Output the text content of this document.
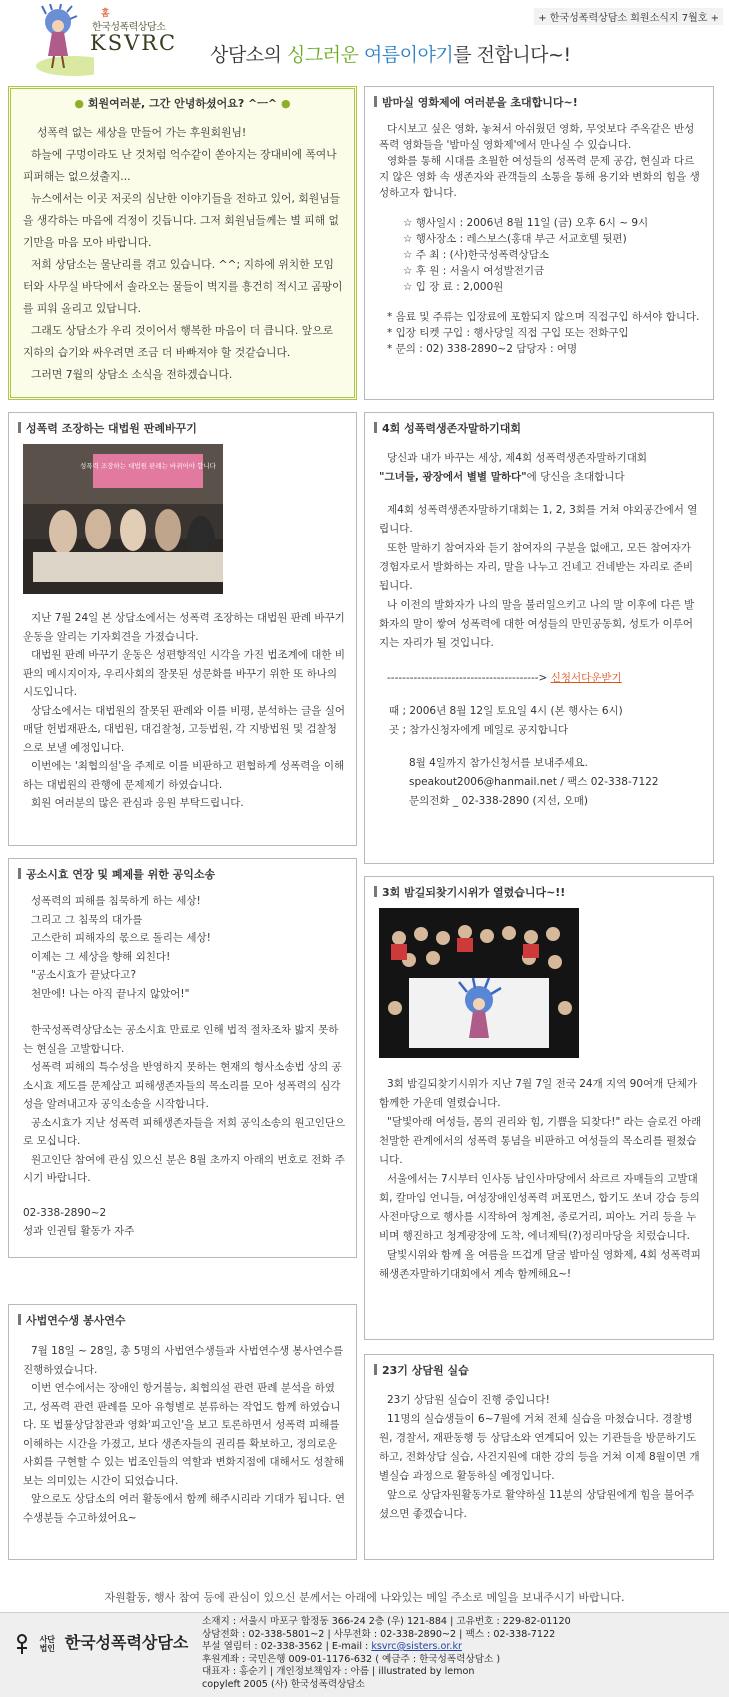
홈
한국성폭력상담소
KSVRC
+ 한국성폭력상담소 회원소식지 7월호 +
상담소의 싱그러운 여름이야기를 전합니다~!
● 회원여러분, 그간 안녕하셨어요? ^ㅡ^ ●

성폭력 없는 세상을 만들어 가는 후원회원님!

하늘에 구멍이라도 난 것처럼 억수같이 쏟아지는 장대비에 폭여나 피퍼해는 없으셨출지...

뉴스에서는 이곳 저곳의 심난한 이야기들을 전하고 있어, 회원님들을 생각하는 마음에 걱정이 깃듭니다. 그저 회원님들께는 별 피해 없기만을 마음 모아 바랍니다.

저희 상담소는 물난리를 겪고 있습니다. ^^; 지하에 위치한 모임터와 사무실 바닥에서 솔라오는 물들이 벽지를 흥건히 적시고 곰팡이를 피워 올리고 있답니다.

그래도 상담소가 우리 것이어서 행복한 마음이 더 큽니다. 앞으로 지하의 습기와 싸우려면 조금 더 바빠져야 할 것같습니다.

그러면 7월의 상담소 소식을 전하겠습니다.

밤마실 영화제에 여러분을 초대합니다~!

다시보고 싶은 영화, 놓쳐서 아쉬웠던 영화, 무엇보다 주옥같은 반성폭력 영화들을 '밤마실 영화제'에서 만나실 수 있습니다.

영화를 통해 시대를 초월한 여성들의 성폭력 문제 공감, 현실과 다르지 않은 영화 속 생존자와 관객들의 소통을 통해 용기와 변화의 힘을 생성하고자 합니다.

☆ 행사일시 : 2006년 8월 11일 (금) 오후 6시 ~ 9시

☆ 행사장소 : 레스보스(홍대 부근 서교호텔 뒷편)

☆ 주 최 : (사)한국성폭력상담소

☆ 후 원 : 서울시 여성발전기금

☆ 입 장 료 : 2,000원

* 음료 및 주류는 입장료에 포함되지 않으며 직접구입 하셔야 합니다.

* 입장 티켓 구입 : 행사당일 직접 구입 또는 전화구입

* 문의 : 02) 338-2890~2 담당자 : 여명

성폭력 조장하는 대법원 판례바꾸기
성폭력 조장하는 대법원 판례는 바뀌어야 합니다

지난 7월 24일 본 상담소에서는 성폭력 조장하는 대법원 판례 바꾸기 운동을 알리는 기자회견을 가졌습니다.

대법원 판례 바꾸기 운동은 성편향적인 시각을 가진 법조계에 대한 비판의 메시지이자, 우리사회의 잘못된 성문화를 바꾸기 위한 또 하나의 시도입니다.

상담소에서는 대법원의 잘못된 판례와 이를 비평, 분석하는 글을 실어 매달 헌법재판소, 대법원, 대검찰청, 고등법원, 각 지방법원 및 검찰청으로 보낼 예정입니다.

이번에는 '최협의설'을 주제로 이를 비판하고 편협하게 성폭력을 이해하는 대법원의 관행에 문제제기 하였습니다.

회원 여러분의 많은 관심과 응원 부탁드립니다.

4회 성폭력생존자말하기대회

당신과 내가 바꾸는 세상, 제4회 성폭력생존자말하기대회

"그녀들, 광장에서 별별 말하다"에 당신을 초대합니다

제4회 성폭력생존자말하기대회는 1, 2, 3회를 거쳐 야외공간에서 열립니다.

또한 말하기 참여자와 듣기 참여자의 구분을 없애고, 모든 참여자가 경험자로서 발화하는 자리, 말을 나누고 건네고 건네받는 자리로 준비됩니다.

나 이전의 발화자가 나의 말을 불러일으키고 나의 말 이후에 다른 발화자의 말이 쌓여 성폭력에 대한 여성들의 만민공동회, 성토가 이루어지는 자리가 될 것입니다.

----------------------------------------> 신청서다운받기

때 ; 2006년 8월 12일 토요일 4시 (본 행사는 6시)

곳 ; 참가신청자에게 메일로 공지합니다

8월 4일까지 참가신청서를 보내주세요.

speakout2006@hanmail.net / 팩스 02-338-7122

문의전화 _ 02-338-2890 (지선, 오매)

공소시효 연장 및 폐제를 위한 공익소송

성폭력의 피해를 침묵하게 하는 세상!

그리고 그 침묵의 대가를

고스란히 피해자의 몫으로 돌리는 세상!

이제는 그 세상을 향해 외친다!

"공소시효가 끝났다고?

천만에! 나는 아직 끝나지 않았어!"

한국성폭력상담소는 공소시효 만료로 인해 법적 절차조차 밟지 못하는 현실을 고발합니다.

성폭력 피해의 특수성을 반영하지 못하는 현재의 형사소송법 상의 공소시효 제도를 문제삼고 피해생존자들의 목소리를 모아 성폭력의 심각성을 알려내고자 공익소송을 시작합니다.

공소시효가 지난 성폭력 피해생존자들을 저희 공익소송의 원고인단으로 모십니다.

원고인단 참여에 관심 있으신 분은 8월 초까지 아래의 번호로 전화 주시기 바랍니다.

02-338-2890~2

성과 인권팀 활동가 자주

3회 밤길되찾기시위가 열렸습니다~!!

3회 밤길되찾기시위가 지난 7월 7일 전국 24개 지역 90여개 단체가 함께한 가운데 열렸습니다.

"달빛아래 여성들, 몸의 권리와 힘, 기쁨을 되찾다!" 라는 슬로건 아래 천말한 관계에서의 성폭력 통념을 비판하고 여성들의 목소리를 펼쳤습니다.

서울에서는 7시부터 인사동 남인사마당에서 솨르르 자매들의 고발대회, 칼마임 언니들, 여성장애인성폭력 퍼포먼스, 합기도 쏘녀 강습 등의 사전마당으로 행사를 시작하여 청계천, 종로거리, 피아노 거리 등을 누비며 행진하고 청계광장에 도착, 에너제틱(?)정리마당을 치렀습니다.

달빛시위와 함께 올 여름을 뜨겁게 달굴 밤마실 영화제, 4회 성폭력피해생존자말하기대회에서 계속 함께해요~!

사법연수생 봉사연수

7월 18일 ~ 28일, 총 5명의 사법연수생들과 사법연수생 봉사연수를 진행하였습니다.

이번 연수에서는 장애인 항거불능, 최협의설 관련 판례 분석을 하였고, 성폭력 관련 판례를 모아 유형별로 분류하는 작업도 함께 하였습니다. 또 법률상담참관과 영화'피고인'을 보고 토론하면서 성폭력 피해를 이해하는 시간을 가졌고, 보다 생존자들의 권리를 확보하고, 정의로운 사회를 구현할 수 있는 법조인들의 역할과 변화지점에 대해서도 성찰해보는 의미있는 시간이 되었습니다.

앞으로도 상담소의 여러 활동에서 함께 해주시리라 기대가 됩니다. 연수생분들 수고하셨어요~

23기 상담원 실습

23기 상담원 실습이 진행 중입니다!

11명의 실습생들이 6~7월에 거쳐 전체 실습을 마쳤습니다. 경찰병원, 경찰서, 재판동행 등 상담소와 연계되어 있는 기관들을 방문하기도 하고, 전화상담 실습, 사건지원에 대한 강의 등을 거쳐 이제 8월이면 개별실습 과정으로 활동하실 예정입니다.

앞으로 상담자원활동가로 활약하실 11분의 상담원에게 힘을 불어주셨으면 좋겠습니다.

자원활동, 행사 참여 등에 관심이 있으신 분께서는 아래에 나와있는 메일 주소로 메일을 보내주시기 바랍니다.
사단
법인 한국성폭력상담소

소재지 : 서울시 마포구 합정동 366-24 2층 (우) 121-884 | 고유번호 : 229-82-01120

상담전화 : 02-338-5801~2 | 사무전화 : 02-338-2890~2 | 팩스 : 02-338-7122

부설 열림터 : 02-338-3562 | E-mail : ksvrc@sisters.or.kr

후원계좌 : 국민은행 009-01-1176-632 ( 예금주 : 한국성폭력상담소 )

대표자 : 홍순기 | 개인정보책임자 : 아름 | illustrated by lemon

copyleft 2005 (사) 한국성폭력상담소
